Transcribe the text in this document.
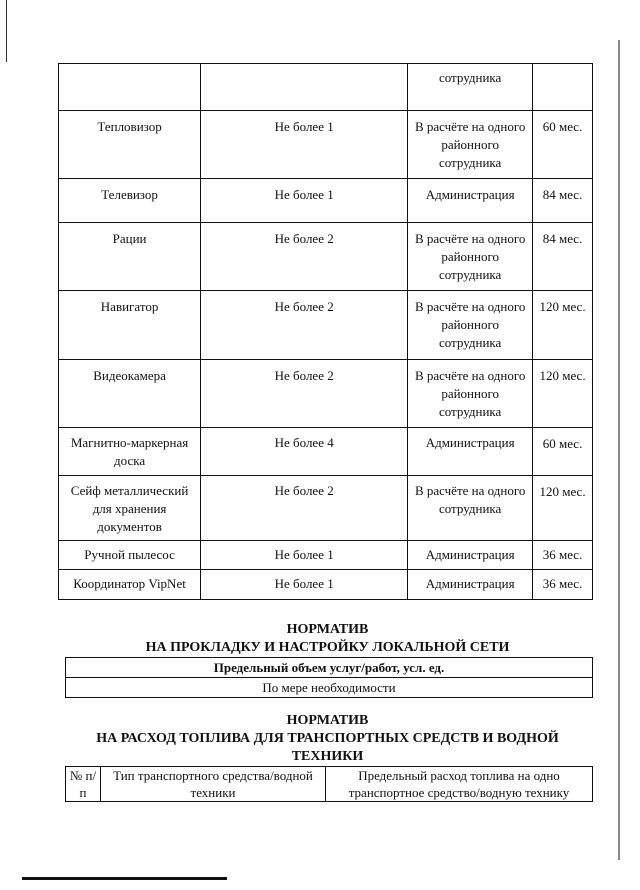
		сотрудника	
Тепловизор	Не более 1	В расчёте на одного районного сотрудника	60 мес.
Телевизор	Не более 1	Администрация	84 мес.
Рации	Не более 2	В расчёте на одного районного сотрудника	84 мес.
Навигатор	Не более 2	В расчёте на одного районного сотрудника	120 мес.
Видеокамера	Не более 2	В расчёте на одного районного сотрудника	120 мес.
Магнитно-маркерная доска	Не более 4	Администрация	60 мес.
Сейф металлический для хранения документов	Не более 2	В расчёте на одного сотрудника	120 мес.
Ручной пылесос	Не более 1	Администрация	36 мес.
Координатор VipNet	Не более 1	Администрация	36 мес.
НОРМАТИВ
НА ПРОКЛАДКУ И НАСТРОЙКУ ЛОКАЛЬНОЙ СЕТИ
Предельный объем услуг/работ, усл. ед.
По мере необходимости
НОРМАТИВ
НА РАСХОД ТОПЛИВА ДЛЯ ТРАНСПОРТНЫХ СРЕДСТВ И ВОДНОЙ
ТЕХНИКИ
№ п/п	Тип транспортного средства/водной техники	Предельный расход топлива на одно транспортное средство/водную технику
